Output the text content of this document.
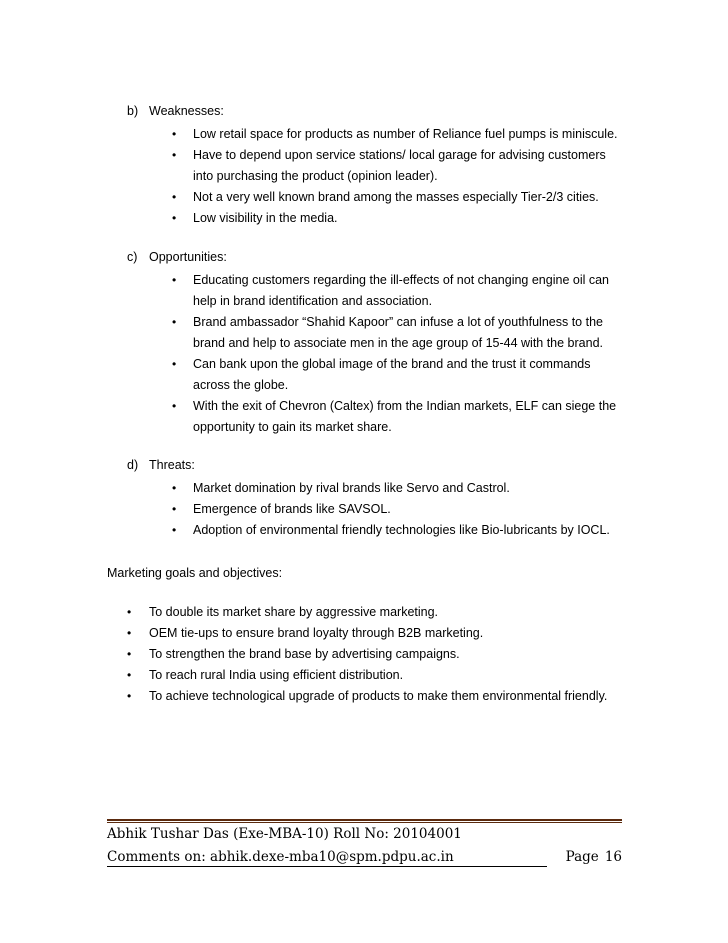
b) Weaknesses:
• Low retail space for products as number of Reliance fuel pumps is miniscule.
• Have to depend upon service stations/ local garage for advising customers into purchasing the product (opinion leader).
• Not a very well known brand among the masses especially Tier-2/3 cities.
• Low visibility in the media.
c) Opportunities:
• Educating customers regarding the ill-effects of not changing engine oil can help in brand identification and association.
• Brand ambassador “Shahid Kapoor” can infuse a lot of youthfulness to the brand and help to associate men in the age group of 15-44 with the brand.
• Can bank upon the global image of the brand and the trust it commands across the globe.
• With the exit of Chevron (Caltex) from the Indian markets, ELF can siege the opportunity to gain its market share.
d) Threats:
• Market domination by rival brands like Servo and Castrol.
• Emergence of brands like SAVSOL.
• Adoption of environmental friendly technologies like Bio-lubricants by IOCL.
Marketing goals and objectives:
• To double its market share by aggressive marketing.
• OEM tie-ups to ensure brand loyalty through B2B marketing.
• To strengthen the brand base by advertising campaigns.
• To reach rural India using efficient distribution.
• To achieve technological upgrade of products to make them environmental friendly.
Abhik Tushar Das (Exe-MBA-10) Roll No: 20104001
Comments on: abhik.dexe-mba10@spm.pdpu.ac.in	Page 16
